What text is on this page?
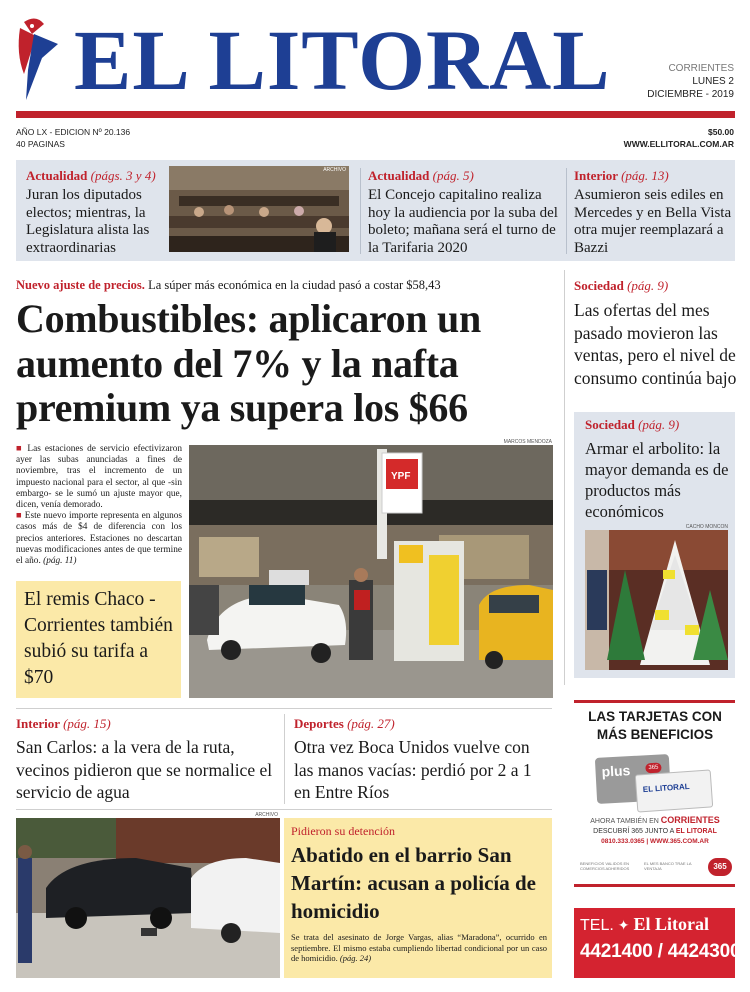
EL LITORAL	CORRIENTES
LUNES 2
DICIEMBRE - 2019
AÑO LX - EDICION Nº 20.136
40 PAGINAS
$50.00
WWW.ELLITORAL.COM.AR
Actualidad (págs. 3 y 4)
Juran los diputados electos; mientras, la Legislatura alista las extraordinarias
ARCHIVO Actualidad (pág. 5)
El Concejo capitalino realiza hoy la audiencia por la suba del boleto; mañana será el turno de la Tarifaria 2020
Interior (pág. 13)
Asumieron seis ediles en Mercedes y en Bella Vista otra mujer reemplazará a Bazzi
Nuevo ajuste de precios. La súper más económica en la ciudad pasó a costar $58,43
Combustibles: aplicaron un aumento del 7% y la nafta premium ya supera los $66

■ Las estaciones de servicio efectivizaron ayer las subas anunciadas a fines de noviembre, tras el incremento de un impuesto nacional para el sector, al que -sin embargo- se le sumó un ajuste mayor que, dicen, venía demorado.

■ Este nuevo importe representa en algunos casos más de $4 de diferencia con los precios anteriores. Estaciones no descartan nuevas modificaciones antes de que termine el año. (pág. 11)

MARCOS MENDOZA
YPF
El remis Chaco - Corrientes también subió su tarifa a $70
Sociedad (pág. 9)
Las ofertas del mes pasado movieron las ventas, pero el nivel de consumo continúa bajo
Sociedad (pág. 9)
Armar el arbolito: la mayor demanda es de productos más económicos
CACHO MONCON
Interior (pág. 15)
San Carlos: a la vera de la ruta, vecinos pidieron que se normalice el servicio de agua
Deportes (pág. 27)
Otra vez Boca Unidos vuelve con las manos vacías: perdió por 2 a 1 en Entre Ríos
ARCHIVO
Pidieron su detención
Abatido en el barrio San Martín: acusan a policía de homicidio
Se trata del asesinato de Jorge Vargas, alias “Maradona”, ocurrido en septiembre. El mismo estaba cumpliendo libertad condicional por un caso de homicidio. (pág. 24)
LAS TARJETAS CON MÁS BENEFICIOS
plus	365
EL LITORAL
AHORA TAMBIÉN EN CORRIENTES
DESCUBRÍ 365 JUNTO A EL LITORAL
0810.333.0365 | WWW.365.COM.AR
BENEFICIOS VALIDOS EN COMERCIOS ADHERIDOS
EL MES BANCO TRAE LA VENTAJA	365
TEL. ✦ El Litoral
4421400 / 4424300
